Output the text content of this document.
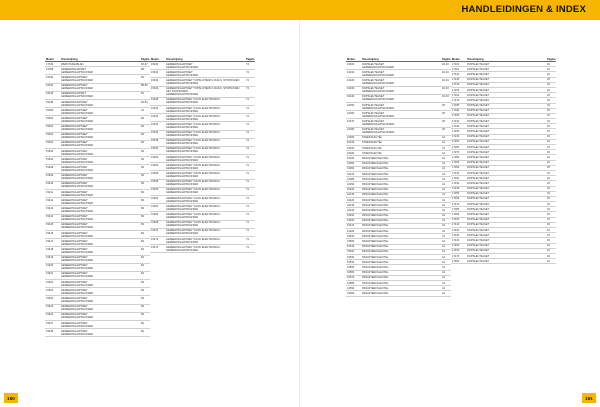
HANDLEIDINGEN & INDEX
Model	Omschrijving	Pagina
17040	WERKTAFELBLAD	96-97
15008	GEREEDSCHAPSET
GEREEDSCHAPSKOFFER
88
15010	GEREEDSCHAPSSET
GEREEDSCHAPSKOFFER
84
15014	GEREEDSCHAPSSET
GEREEDSCHAPSKOFFER
88-89
15215	GEREEDSCHAPSET
GEREEDSCHAPSKOFFER
81
15348	GEREEDSCHAPSSET
GEREEDSCHAPSKOFFER
52-53
15399	GEREEDSCHAPSSET
GEREEDSCHAPSKOFFER
43
15400	GEREEDSCHAPSSET
GEREEDSCHAPSKOFFER
84
15402	GEREEDSCHAPSSET
GEREEDSCHAPSKOFFER
84
15403	GEREEDSCHAPSSET
GEREEDSCHAPSKOFFER
84
15404	GEREEDSCHAPSSET
GEREEDSCHAPSKOFFER
84
15405	GEREEDSCHAPSSET
GEREEDSCHAPSKOFFER
84
15406	GEREEDSCHAPSSET
GEREEDSCHAPSKOFFER
84
15408	GEREEDSCHAPSSET
GEREEDSCHAPSKOFFER
84
15409	GEREEDSCHAPSSET
GEREEDSCHAPSKOFFER
84
15410	GEREEDSCHAPSSET
GEREEDSCHAPSKOFFER
84
15411	GEREEDSCHAPSSET
GEREEDSCHAPSKOFFER
84
15412	GEREEDSCHAPSSET
GEREEDSCHAPSKOFFER
84
15413	GEREEDSCHAPSSET
GEREEDSCHAPSKOFFER
84
15414	GEREEDSCHAPSSET
GEREEDSCHAPSKOFFER
84
15415	GEREEDSCHAPSSET
GEREEDSCHAPSKOFFER
84
15416	GEREEDSCHAPSSET
GEREEDSCHAPSKOFFER
84
15417	GEREEDSCHAPSSET
GEREEDSCHAPSKOFFER
84
15418	GEREEDSCHAPSSET
GEREEDSCHAPSKOFFER
84
15419	GEREEDSCHAPSSET
GEREEDSCHAPSKOFFER
84
15420	GEREEDSCHAPSSET
GEREEDSCHAPSKOFFER
84
15421	GEREEDSCHAPSSET
GEREEDSCHAPSKOFFER
84
15422	GEREEDSCHAPSSET
GEREEDSCHAPSKOFFER
84
15423	GEREEDSCHAPSSET
GEREEDSCHAPSKOFFER
84
15424	GEREEDSCHAPSSET
GEREEDSCHAPSKOFFER
84
15425	GEREEDSCHAPSSET
GEREEDSCHAPSKOFFER
84
15426	GEREEDSCHAPSSET
GEREEDSCHAPSKOFFER
84
15427	GEREEDSCHAPSSET
GEREEDSCHAPSKOFFER
84
15428	GEREEDSCHAPSSET
GEREEDSCHAPSKOFFER
84
Model	Omschrijving	Pagina
15430	GEREEDSCHAPSSET
GEREEDSCHAPSKOFFER
74
15432	GEREEDSCHAPSSET
GEREEDSCHAPSKOFFER
74
15434	GEREEDSCHAPSSET TOPSLUITEND 1 RAILS, STOPDOZEN
GEREEDSCHAPSKOFFER
74
15436	GEREEDSCHAPSSET TOPSLUITEND 1 RAILS, STOPDOZEN
SET STOPDOZEN
GEREEDSCHAPSKOFFER
74
15438	GEREEDSCHAPSSET VOOR ELEKTRONICA
GEREEDSCHAPSKOFFER
74
15440	GEREEDSCHAPSSET VOOR ELEKTRONICA
GEREEDSCHAPSKOFFER
74
15442	GEREEDSCHAPSSET VOOR ELEKTRONICA
GEREEDSCHAPSKOFFER
74
15444	GEREEDSCHAPSSET VOOR ELEKTRONICA
GEREEDSCHAPSKOFFER
74
15446	GEREEDSCHAPSSET VOOR ELEKTRONICA
GEREEDSCHAPSKOFFER
74
15448	GEREEDSCHAPSSET VOOR ELEKTRONICA
GEREEDSCHAPSKOFFER
74
15450	GEREEDSCHAPSSET VOOR ELEKTRONICA
GEREEDSCHAPSKOFFER
74
15452	GEREEDSCHAPSSET VOOR ELEKTRONICA
GEREEDSCHAPSKOFFER
74
15454	GEREEDSCHAPSSET VOOR ELEKTRONICA
GEREEDSCHAPSKOFFER
74
15456	GEREEDSCHAPSSET VOOR ELEKTRONICA
GEREEDSCHAPSKOFFER
74
15458	GEREEDSCHAPSSET VOOR ELEKTRONICA
GEREEDSCHAPSKOFFER
74
15460	GEREEDSCHAPSSET VOOR ELEKTRONICA
GEREEDSCHAPSKOFFER
74
15462	GEREEDSCHAPSSET VOOR ELEKTRONICA
GEREEDSCHAPSKOFFER
74
15464	GEREEDSCHAPSSET VOOR ELEKTRONICA
GEREEDSCHAPSKOFFER
74
15466	GEREEDSCHAPSSET VOOR ELEKTRONICA
GEREEDSCHAPSKOFFER
74
15468	GEREEDSCHAPSSET VOOR ELEKTRONICA
GEREEDSCHAPSKOFFER
74
15470	GEREEDSCHAPSSET VOOR ELEKTRONICA
GEREEDSCHAPSKOFFER
74
15472	GEREEDSCHAPSSET VOOR ELEKTRONICA
GEREEDSCHAPSKOFFER
74
15474	GEREEDSCHAPSSET VOOR ELEKTRONICA
GEREEDSCHAPSKOFFER
74
Model	Omschrijving	Pagina
16200	DOPSLEUTELSET
GEREEDSCHAPSKOFFER
32-33
16210	DOPSLEUTELSET
GEREEDSCHAPSKOFFER
32-33
16220	DOPSLEUTELSET
GEREEDSCHAPSKOFFER
32-33
16230	DOPSLEUTELSET
GEREEDSCHAPSKOFFER
32-33
16240	DOPSLEUTELSET
GEREEDSCHAPSKOFFER
32-33
16250	DOPSLEUTELSET
GEREEDSCHAPSKOFFER
36
16260	DOPSLEUTELSET
GEREEDSCHAPSKOFFER
36
16270	DOPSLEUTELSET
GEREEDSCHAPSKOFFER
36
16280	DOPSLEUTELSET
GEREEDSCHAPSKOFFER
36
16300	STEEKSLEUTEL	44
16310	STEEKSLEUTEL	44
16320	STEEKSLEUTEL	44
16330	STEEKSLEUTEL	44
16340	RINGSTEEKSLEUTEL	44
16350	RINGSTEEKSLEUTEL	44
16360	RINGSTEEKSLEUTEL	44
16370	RINGSTEEKSLEUTEL	44
16380	RINGSTEEKSLEUTEL	44
16390	RINGSTEEKSLEUTEL	44
16400	RINGSTEEKSLEUTEL	44
16410	RINGSTEEKSLEUTEL	44
16420	RINGSTEEKSLEUTEL	44
16430	RINGSTEEKSLEUTEL	44
16440	RINGSTEEKSLEUTEL	44
16450	RINGSTEEKSLEUTEL	44
16460	RINGSTEEKSLEUTEL	44
16470	RINGSTEEKSLEUTEL	44
16480	RINGSTEEKSLEUTEL	44
16490	RINGSTEEKSLEUTEL	44
16500	RINGSTEEKSLEUTEL	44
16510	RINGSTEEKSLEUTEL	44
16520	RINGSTEEKSLEUTEL	44
16530	RINGSTEEKSLEUTEL	44
16540	RINGSTEEKSLEUTEL	44
16550	RINGSTEEKSLEUTEL	44
16560	RINGSTEEKSLEUTEL	44
16570	RINGSTEEKSLEUTEL	44
16580	RINGSTEEKSLEUTEL	44
16590	RINGSTEEKSLEUTEL	44
16600	RINGSTEEKSLEUTEL	44
Model	Omschrijving	Pagina
17100	DOPSLEUTELSET	32
17110	DOPSLEUTELSET	32
17120	DOPSLEUTELSET	32
17130	DOPSLEUTELSET	32
17140	DOPSLEUTELSET	32
17150	DOPSLEUTELSET	32
17160	DOPSLEUTELSET	32
17170	DOPSLEUTELSET	32
17180	DOPSLEUTELSET	32
17190	DOPSLEUTELSET	32
17200	DOPSLEUTELSET	32
17210	DOPSLEUTELSET	32
17220	DOPSLEUTELSET	32
17230	DOPSLEUTELSET	32
17240	DOPSLEUTELSET	32
17250	DOPSLEUTELSET	32
17260	DOPSLEUTELSET	32
17270	DOPSLEUTELSET	32
17280	DOPSLEUTELSET	32
17290	DOPSLEUTELSET	32
17300	DOPSLEUTELSET	32
17310	DOPSLEUTELSET	32
17320	DOPSLEUTELSET	32
17330	DOPSLEUTELSET	32
17340	DOPSLEUTELSET	32
17350	DOPSLEUTELSET	32
17360	DOPSLEUTELSET	32
17370	DOPSLEUTELSET	32
17380	DOPSLEUTELSET	32
17390	DOPSLEUTELSET	32
17400	DOPSLEUTELSET	32
17410	DOPSLEUTELSET	32
17420	DOPSLEUTELSET	32
17430	DOPSLEUTELSET	32
17440	DOPSLEUTELSET	32
17450	DOPSLEUTELSET	32
17460	DOPSLEUTELSET	32
17470	DOPSLEUTELSET	32
17480	DOPSLEUTELSET	32
190	191
